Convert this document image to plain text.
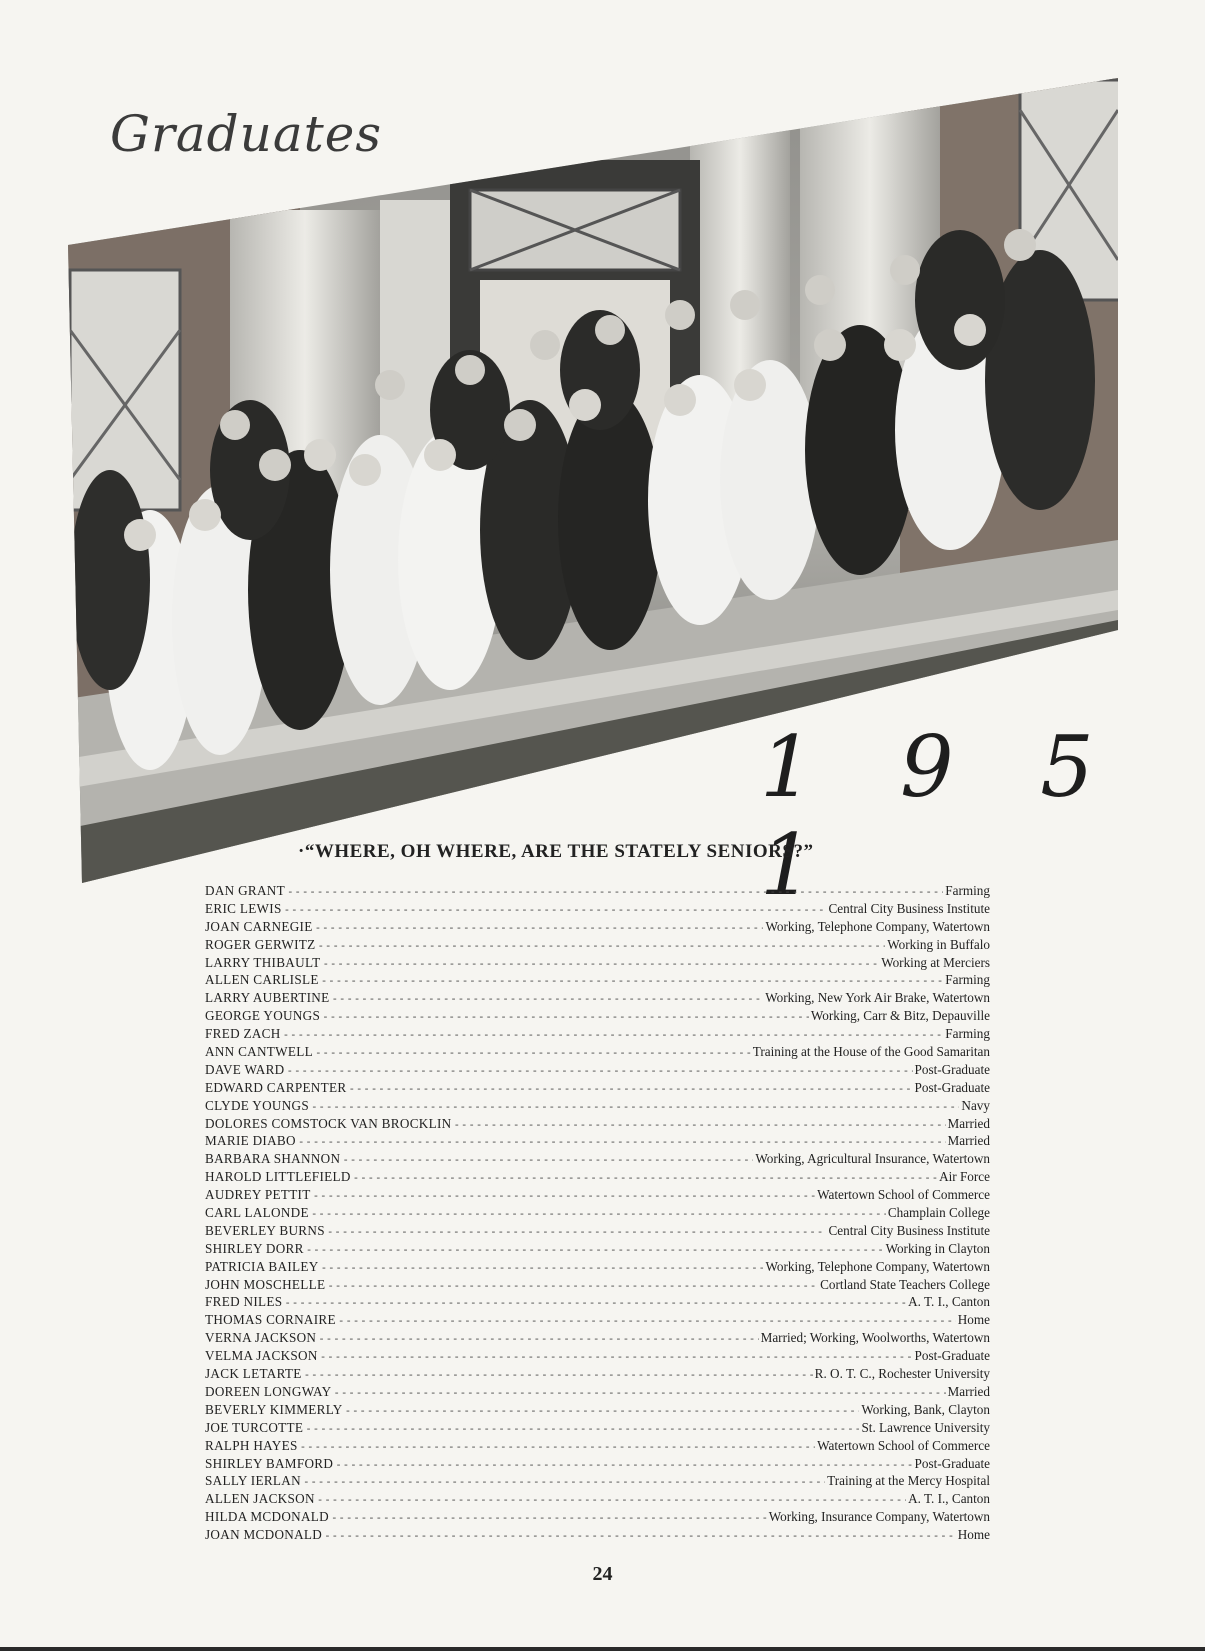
Graduates
1 9 5 1
·“WHERE, OH WHERE, ARE THE STATELY SENIORS?”
DAN GRANT -----	Farming
ERIC LEWIS -----	Central City Business Institute
JOAN CARNEGIE -----	Working, Telephone Company, Watertown
ROGER GERWITZ -----	Working in Buffalo
LARRY THIBAULT -----	Working at Merciers
ALLEN CARLISLE -----	Farming
LARRY AUBERTINE -----	Working, New York Air Brake, Watertown
GEORGE YOUNGS -----	Working, Carr & Bitz, Depauville
FRED ZACH -----	Farming
ANN CANTWELL -----	Training at the House of the Good Samaritan
DAVE WARD -----	Post-Graduate
EDWARD CARPENTER -----	Post-Graduate
CLYDE YOUNGS -----	Navy
DOLORES COMSTOCK VAN BROCKLIN -----	Married
MARIE DIABO -----	Married
BARBARA SHANNON -----	Working, Agricultural Insurance, Watertown
HAROLD LITTLEFIELD -----	Air Force
AUDREY PETTIT -----	Watertown School of Commerce
CARL LALONDE -----	Champlain College
BEVERLEY BURNS -----	Central City Business Institute
SHIRLEY DORR -----	Working in Clayton
PATRICIA BAILEY -----	Working, Telephone Company, Watertown
JOHN MOSCHELLE -----	Cortland State Teachers College
FRED NILES -----	A. T. I., Canton
THOMAS CORNAIRE -----	Home
VERNA JACKSON -----	Married; Working, Woolworths, Watertown
VELMA JACKSON -----	Post-Graduate
JACK LETARTE -----	R. O. T. C., Rochester University
DOREEN LONGWAY -----	Married
BEVERLY KIMMERLY -----	Working, Bank, Clayton
JOE TURCOTTE -----	St. Lawrence University
RALPH HAYES -----	Watertown School of Commerce
SHIRLEY BAMFORD -----	Post-Graduate
SALLY IERLAN -----	Training at the Mercy Hospital
ALLEN JACKSON -----	A. T. I., Canton
HILDA MCDONALD -----	Working, Insurance Company, Watertown
JOAN MCDONALD -----	Home
24
